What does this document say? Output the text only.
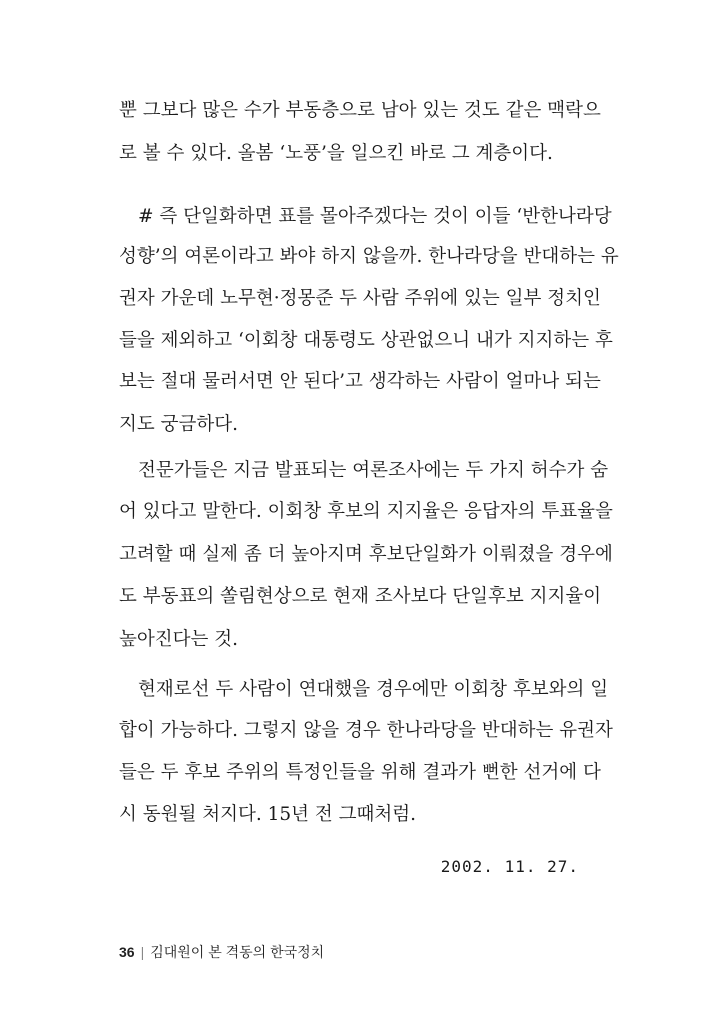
뿐 그보다 많은 수가 부동층으로 남아 있는 것도 같은 맥락으
로 볼 수 있다. 올봄 ‘노풍’을 일으킨 바로 그 계층이다.
# 즉 단일화하면 표를 몰아주겠다는 것이 이들 ‘반한나라당
성향’의 여론이라고 봐야 하지 않을까. 한나라당을 반대하는 유
권자 가운데 노무현·정몽준 두 사람 주위에 있는 일부 정치인
들을 제외하고 ‘이회창 대통령도 상관없으니 내가 지지하는 후
보는 절대 물러서면 안 된다’고 생각하는 사람이 얼마나 되는
지도 궁금하다.
전문가들은 지금 발표되는 여론조사에는 두 가지 허수가 숨
어 있다고 말한다. 이회창 후보의 지지율은 응답자의 투표율을
고려할 때 실제 좀 더 높아지며 후보단일화가 이뤄졌을 경우에
도 부동표의 쏠림현상으로 현재 조사보다 단일후보 지지율이
높아진다는 것.
현재로선 두 사람이 연대했을 경우에만 이회창 후보와의 일
합이 가능하다. 그렇지 않을 경우 한나라당을 반대하는 유권자
들은 두 후보 주위의 특정인들을 위해 결과가 뻔한 선거에 다
시 동원될 처지다. 15년 전 그때처럼.
2002. 11. 27.
36 | 김대원이 본 격동의 한국정치
